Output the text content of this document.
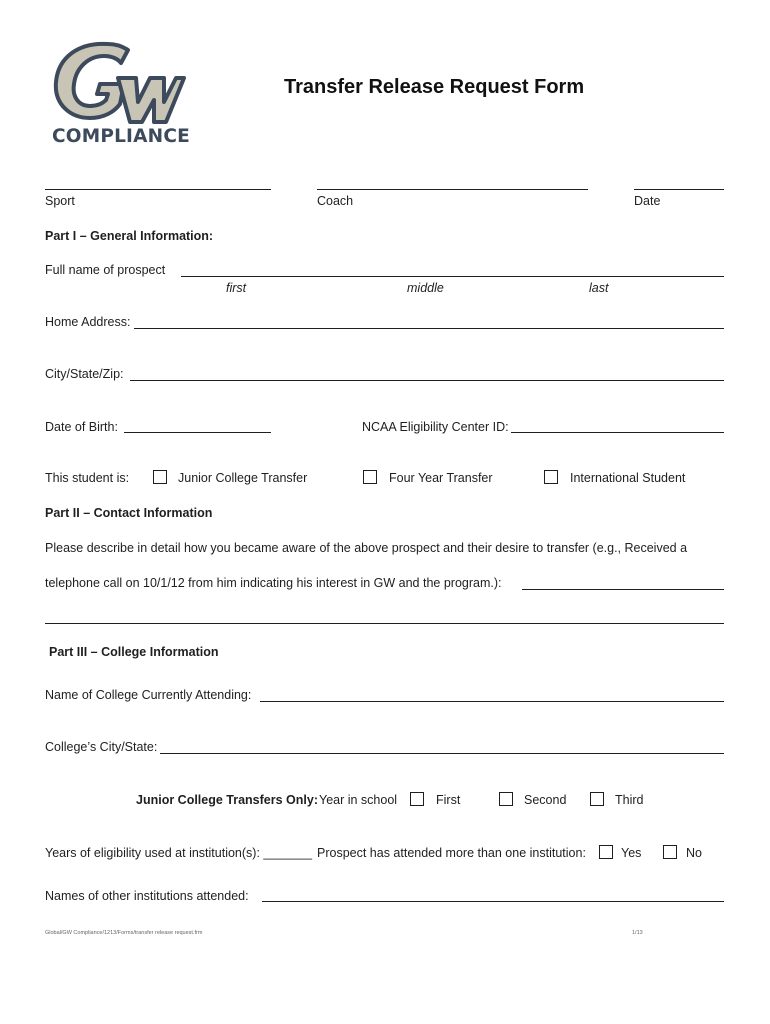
COMPLIANCE
Transfer Release Request Form
Sport	Coach	Date
Part I – General Information:
Full name of prospect
first	middle	last
Home Address:
City/State/Zip:
Date of Birth:	NCAA Eligibility Center ID:
This student is:	Junior College Transfer	Four Year Transfer	International Student
Part II – Contact Information
Please describe in detail how you became aware of the above prospect and their desire to transfer (e.g., Received a
telephone call on 10/1/12 from him indicating his interest in GW and the program.):
Part III – College Information
Name of College Currently Attending:
College’s City/State:
Junior College Transfers Only: Year in school	First	Second	Third
Years of eligibility used at institution(s): _______ Prospect has attended more than one institution:	Yes	No
Names of other institutions attended:
Global/GW Compliance/1213/Forms/transfer release request.frm	1/13
